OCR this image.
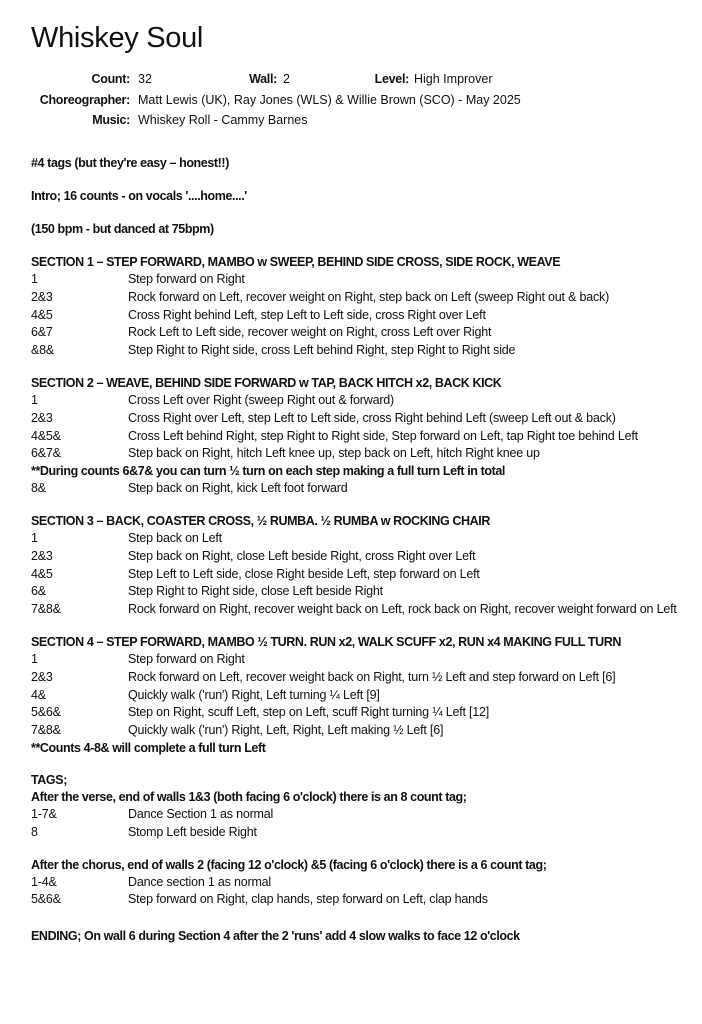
Whiskey Soul
Count: 32	Wall: 2	Level: High Improver
Choreographer: Matt Lewis (UK), Ray Jones (WLS) & Willie Brown (SCO) - May 2025
Music: Whiskey Roll - Cammy Barnes

#4 tags (but they're easy – honest!!)

Intro; 16 counts - on vocals '....home....'

(150 bpm - but danced at 75bpm)

SECTION 1 – STEP FORWARD, MAMBO w SWEEP, BEHIND SIDE CROSS, SIDE ROCK, WEAVE

1	Step forward on Right
2&3	Rock forward on Left, recover weight on Right, step back on Left (sweep Right out & back)
4&5	Cross Right behind Left, step Left to Left side, cross Right over Left
6&7	Rock Left to Left side, recover weight on Right, cross Left over Right
&8&	Step Right to Right side, cross Left behind Right, step Right to Right side

SECTION 2 – WEAVE, BEHIND SIDE FORWARD w TAP, BACK HITCH x2, BACK KICK

1	Cross Left over Right (sweep Right out & forward)
2&3	Cross Right over Left, step Left to Left side, cross Right behind Left (sweep Left out & back)
4&5&	Cross Left behind Right, step Right to Right side, Step forward on Left, tap Right toe behind Left
6&7&	Step back on Right, hitch Left knee up, step back on Left, hitch Right knee up
**During counts 6&7& you can turn ½ turn on each step making a full turn Left in total
8&	Step back on Right, kick Left foot forward

SECTION 3 – BACK, COASTER CROSS, ½ RUMBA. ½ RUMBA w ROCKING CHAIR

1	Step back on Left
2&3	Step back on Right, close Left beside Right, cross Right over Left
4&5	Step Left to Left side, close Right beside Left, step forward on Left
6&	Step Right to Right side, close Left beside Right
7&8&	Rock forward on Right, recover weight back on Left, rock back on Right, recover weight forward on Left

SECTION 4 – STEP FORWARD, MAMBO ½ TURN. RUN x2, WALK SCUFF x2, RUN x4 MAKING FULL TURN

1	Step forward on Right
2&3	Rock forward on Left, recover weight back on Right, turn ½ Left and step forward on Left [6]
4&	Quickly walk ('run') Right, Left turning ¼ Left [9]
5&6&	Step on Right, scuff Left, step on Left, scuff Right turning ¼ Left [12]
7&8&	Quickly walk ('run') Right, Left, Right, Left making ½ Left [6]
**Counts 4-8& will complete a full turn Left
TAGS;
After the verse, end of walls 1&3 (both facing 6 o'clock) there is an 8 count tag;
1-7&	Dance Section 1 as normal
8	Stomp Left beside Right
After the chorus, end of walls 2 (facing 12 o'clock) &5 (facing 6 o'clock) there is a 6 count tag;
1-4&	Dance section 1 as normal
5&6&	Step forward on Right, clap hands, step forward on Left, clap hands
ENDING; On wall 6 during Section 4 after the 2 'runs' add 4 slow walks to face 12 o'clock
